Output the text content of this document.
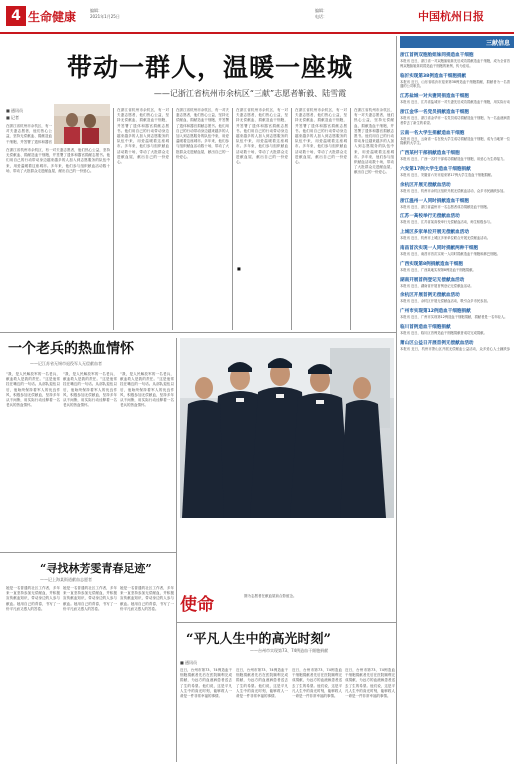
4 生命健康	编辑：
2021年1月25日
编辑：
电话：	中国杭州日报
带动一群人，温暖一座城
——记浙江省杭州市余杭区“三献”志愿者靳毅、陆雪霞
■ 通讯员
■ 记者
在浙江省杭州市余杭区，有一对夫妻志愿者，他们热心公益，坚持无偿献血、捐献造血干细胞，并签署了遗体和器官
在浙江省杭州市余杭区，有一对夫妻志愿者，他们热心公益，坚持无偿献血、捐献造血干细胞，并签署了遗体和器官捐献志愿书。他们用自己的行动带动身边越来越多的人加入到志愿服务的队伍中来，用爱温暖着这座城市。多年来，他们参与组织献血活动数十场，带动了大批群众走进献血屋，献出自己的一份爱心。
在浙江省杭州市余杭区，有一对夫妻志愿者，他们热心公益，坚持无偿献血、捐献造血干细胞，并签署了遗体和器官捐献志愿书。他们用自己的行动带动身边越来越多的人加入到志愿服务的队伍中来，用爱温暖着这座城市。多年来，他们参与组织献血活动数十场，带动了大批群众走进献血屋，献出自己的一份爱心。
在浙江省杭州市余杭区，有一对夫妻志愿者，他们热心公益，坚持无偿献血、捐献造血干细胞，并签署了遗体和器官捐献志愿书。他们用自己的行动带动身边越来越多的人加入到志愿服务的队伍中来，用爱温暖着这座城市。多年来，他们参与组织献血活动数十场，带动了大批群众走进献血屋，献出自己的一份爱心。
在浙江省杭州市余杭区，有一对夫妻志愿者，他们热心公益，坚持无偿献血、捐献造血干细胞，并签署了遗体和器官捐献志愿书。他们用自己的行动带动身边越来越多的人加入到志愿服务的队伍中来，用爱温暖着这座城市。多年来，他们参与组织献血活动数十场，带动了大批群众走进献血屋，献出自己的一份爱心。
在浙江省杭州市余杭区，有一对夫妻志愿者，他们热心公益，坚持无偿献血、捐献造血干细胞，并签署了遗体和器官捐献志愿书。他们用自己的行动带动身边越来越多的人加入到志愿服务的队伍中来，用爱温暖着这座城市。多年来，他们参与组织献血活动数十场，带动了大批群众走进献血屋，献出自己的一份爱心。
在浙江省杭州市余杭区，有一对夫妻志愿者，他们热心公益，坚持无偿献血、捐献造血干细胞，并签署了遗体和器官捐献志愿书。他们用自己的行动带动身边越来越多的人加入到志愿服务的队伍中来，用爱温暖着这座城市。多年来，他们参与组织献血活动数十场，带动了大批群众走进献血屋，献出自己的一份爱心。
■
一个老兵的热血情怀
——记江苏省无锡市退役军人无偿献血者
“我，是人民解放军的一名老兵，献血救人是我的责任。”这是他常挂在嘴边的一句话。从部队退伍以后，他始终保持着军人的优良作风，积极参加无偿献血，坚持多年从不间断，用实际行动诠释着一名老兵的热血情怀。
“我，是人民解放军的一名老兵，献血救人是我的责任。”这是他常挂在嘴边的一句话。从部队退伍以后，他始终保持着军人的优良作风，积极参加无偿献血，坚持多年从不间断，用实际行动诠释着一名老兵的热血情怀。
“我，是人民解放军的一名老兵，献血救人是我的责任。”这是他常挂在嘴边的一句话。从部队退伍以后，他始终保持着军人的优良作风，积极参加无偿献血，坚持多年从不间断，用实际行动诠释着一名老兵的热血情怀。
“寻找林芳雯青春足迹”
——记上海某街道献血志愿者
她是一名普通的社区工作者，多年来一直坚持参加无偿献血，并积极宣传献血知识，带动身边的人参与献血。她用自己的青春，书写了一份平凡而又感人的答卷。
她是一名普通的社区工作者，多年来一直坚持参加无偿献血，并积极宣传献血知识，带动身边的人参与献血。她用自己的青春，书写了一份平凡而又感人的答卷。
她是一名普通的社区工作者，多年来一直坚持参加无偿献血，并积极宣传献血知识，带动身边的人参与献血。她用自己的青春，书写了一份平凡而又感人的答卷。	使命	图为志愿者在献血屋前合影留念。
“平凡人生中的高光时刻”
——台州市实现第73、74例造血干细胞捐献
■ 通讯员
近日，台州市第73、74例造血干细胞捐献者先后在医院顺利完成捐献，为远方的血液病患者送去了生的希望。他们说，这是平凡人生中的高光时刻，能够救人一命是一件非常幸福的事情。
近日，台州市第73、74例造血干细胞捐献者先后在医院顺利完成捐献，为远方的血液病患者送去了生的希望。他们说，这是平凡人生中的高光时刻，能够救人一命是一件非常幸福的事情。
近日，台州市第73、74例造血干细胞捐献者先后在医院顺利完成捐献，为远方的血液病患者送去了生的希望。他们说，这是平凡人生中的高光时刻，能够救人一命是一件非常幸福的事情。
近日，台州市第73、74例造血干细胞捐献者先后在医院顺利完成捐献，为远方的血液病患者送去了生的希望。他们说，这是平凡人生中的高光时刻，能够救人一命是一件非常幸福的事情。
三献信息
浙江首例双胞胎姐妹同捐造血干细胞
本报讯 近日，浙江省一对双胞胎姐妹先后成功捐献造血干细胞，成为全省首例双胞胎姐妹同捐造血干细胞的案例，传为佳话。
临沂实现第38例造血干细胞捐献
本报讯 近日，山东省临沂市迎来第38例造血干细胞捐献，捐献者为一名普通的公司职员。
江苏盐城一对夫妻同捐造血干细胞
本报讯 近日，江苏省盐城市一对夫妻先后成功捐献造血干细胞，用实际行动
浙江金华一名党员捐献造血干细胞
本报讯 近日，浙江省金华市一名党员成功捐献造血干细胞，为一名血液病患者带去了新生的希望。
云南一名大学生捐献造血干细胞
本报讯 近日，云南省一名在校大学生成功捐献造血干细胞，成为当地第一位捐献的大学生。
广西某村干部捐献造血干细胞
本报讯 近日，广西一名村干部成功捐献造血干细胞，用爱心为生命接力。
六安第17例大学生造血干细胞捐献
本报讯 近日，安徽省六安市迎来第17例大学生造血干细胞捐献。
余杭区开展无偿献血活动
本报讯 近日，杭州市余杭区组织开展无偿献血活动，众多市民踊跃参加。
浙江温州一人同时捐献造血干细胞
本报讯 近日，浙江省温州市一名志愿者成功捐献造血干细胞。
江苏一高校举行无偿献血活动
本报讯 近日，江苏省某高校举行无偿献血活动，师生积极参与。
上城区多家单位开展无偿献血活动
本报讯 近日，杭州市上城区多家单位联合开展无偿献血活动。
南昌首次实现一人同时捐献两种干细胞
本报讯 近日，南昌市首次实现一人同时捐献造血干细胞和淋巴细胞。
广西实现第8例捐献造血干细胞
本报讯 近日，广西某地实现第8例造血干细胞捐献。
湖南开展首例登记无偿献血活动
本报讯 近日，湖南省开展首例登记无偿献血活动。
余杭区开展首例无偿献血活动
本报讯 近日，余杭区开展无偿献血活动，吸引众多市民参加。
广州市实现第12例造血干细胞捐献
本报讯 近日，广州市实现第12例造血干细胞捐献，捐献者是一名年轻人。
临川首例造血干细胞捐献
本报讯 近日，临川区首例造血干细胞捐献者成功完成捐献。
萧山区公益日开展首例无偿献血活动
本报讯 近日，杭州市萧山区开展无偿献血公益活动，众多爱心人士踊跃参
